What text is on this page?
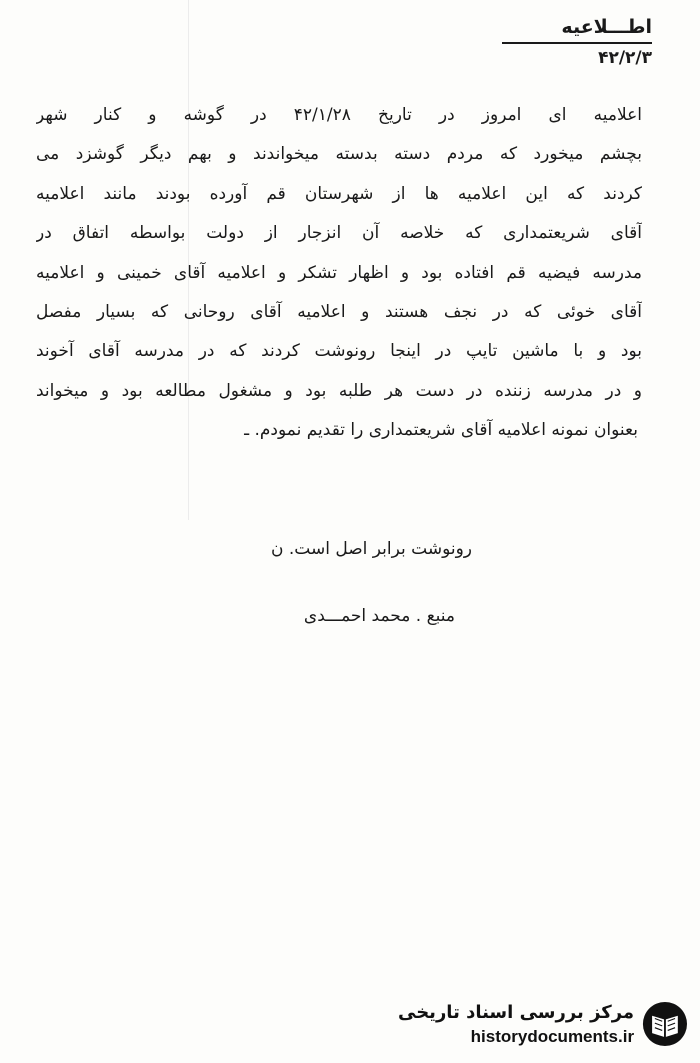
اطـــلاعیه
۴۲/۲/۳
اعلامیه ای امروز در تاریخ ۴۲/۱/۲۸ در گوشه و کنار شهر
بچشم میخورد که مردم دسته بدسته میخواندند و بهم دیگر گوشزد می
کردند که این اعلامیه ها از شهرستان قم آورده بودند مانند اعلامیه
آقای شریعتمداری که خلاصه آن انزجار از دولت بواسطه اتفاق در
مدرسه فیضیه قم افتاده بود و اظهار تشکر و اعلامیه آقای خمینی و اعلامیه
آقای خوئی که در نجف هستند و اعلامیه آقای روحانی که بسیار مفصل
بود و با ماشین تایپ در اینجا رونوشت کردند که در مدرسه آقای آخوند
و در مدرسه زننده در دست هر طلبه بود و مشغول مطالعه بود و میخواند
بعنوان نمونه اعلامیه آقای شریعتمداری را تقدیم نمودم. ـ
رونوشت برابر اصل است. ن
منبع . محمد احمـــدی
مرکز بررسی اسناد تاریخی
historydocuments.ir
